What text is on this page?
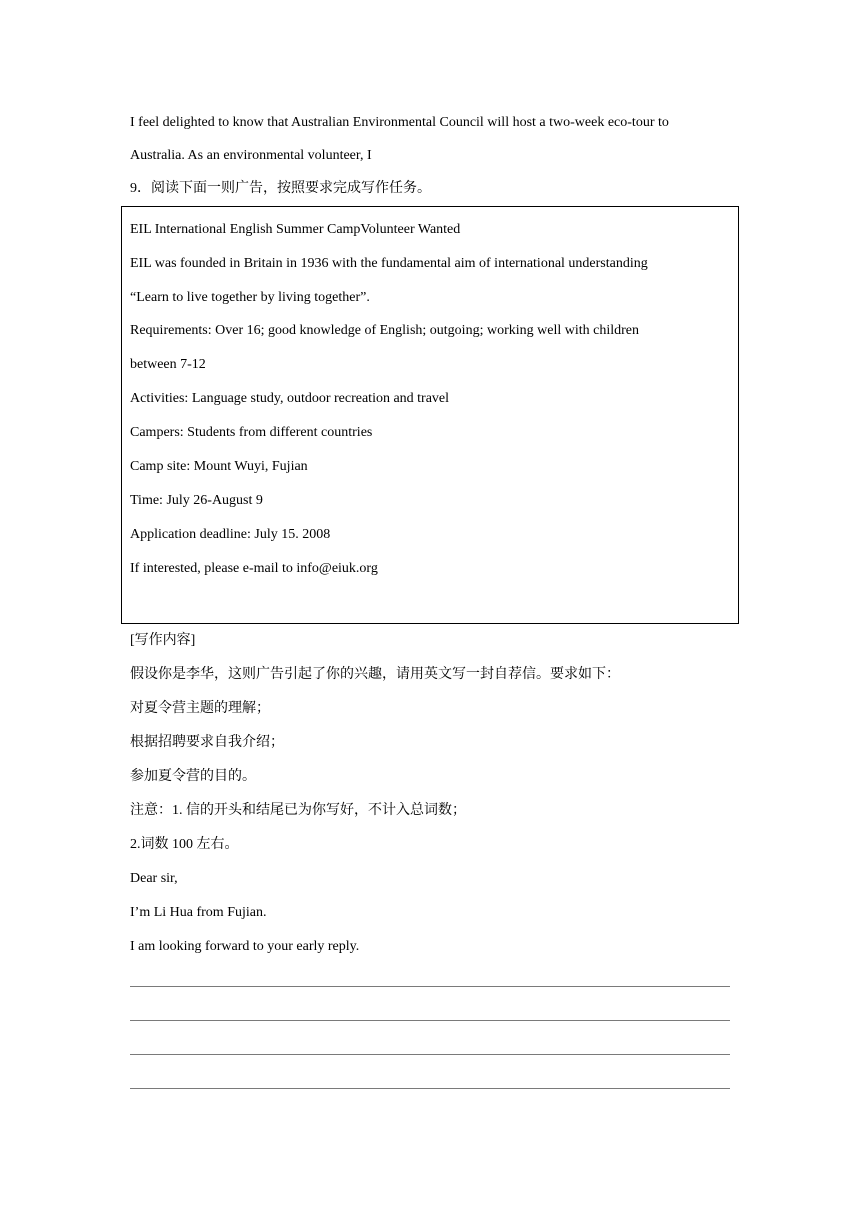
I feel delighted to know that Australian Environmental Council will host a two-week eco-tour to
Australia. As an environmental volunteer, I
9．阅读下面一则广告，按照要求完成写作任务。
EIL International English Summer CampVolunteer Wanted
EIL was founded in Britain in 1936 with the fundamental aim of international understanding
“Learn to live together by living together”.
Requirements: Over 16; good knowledge of English; outgoing; working well with children
between 7-12
Activities: Language study, outdoor recreation and travel
Campers: Students from different countries
Camp site: Mount Wuyi, Fujian
Time: July 26-August 9
Application deadline: July 15. 2008
If interested, please e-mail to info@eiuk.org
[写作内容]
假设你是李华，这则广告引起了你的兴趣，请用英文写一封自荐信。要求如下：
对夏令营主题的理解；
根据招聘要求自我介绍；
参加夏令营的目的。
注意：1. 信的开头和结尾已为你写好，不计入总词数；
2.词数 100 左右。
Dear sir,
I’m Li Hua from Fujian.
I am looking forward to your early reply.
